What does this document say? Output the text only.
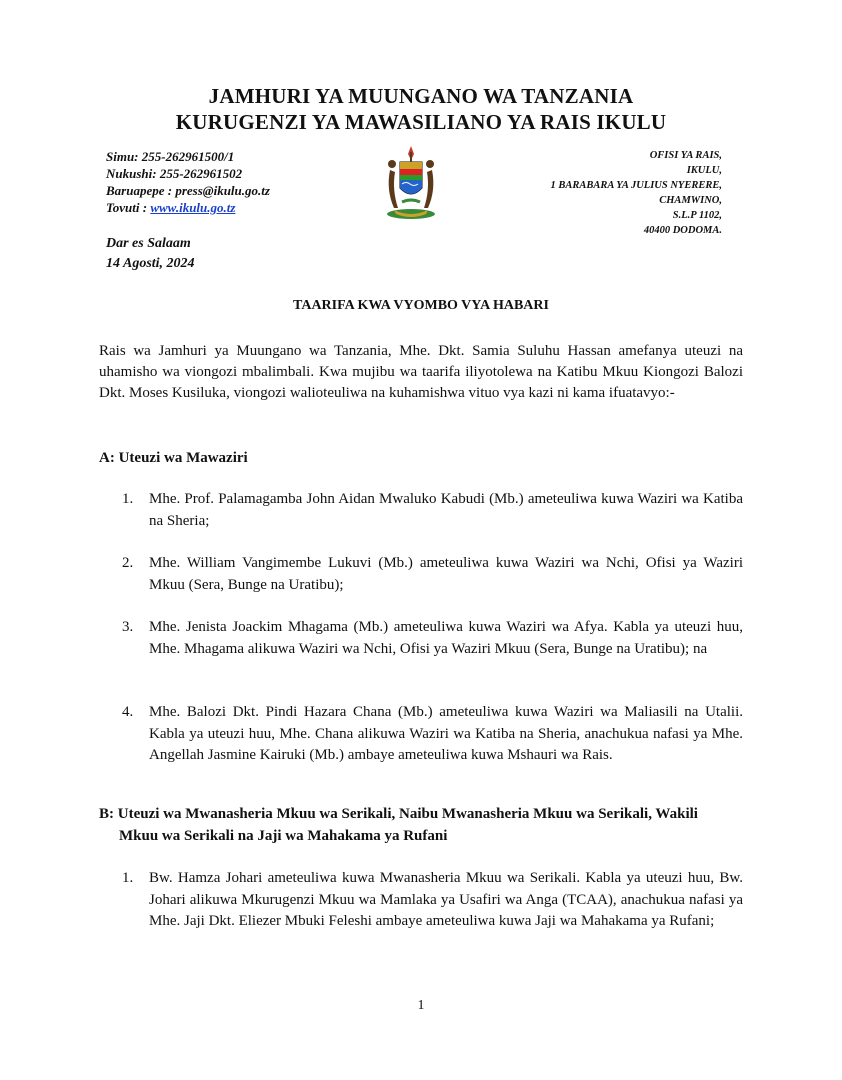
JAMHURI YA MUUNGANO WA TANZANIA
KURUGENZI YA MAWASILIANO YA RAIS IKULU
Simu: 255-262961500/1
Nukushi: 255-262961502
Baruapepe : press@ikulu.go.tz
Tovuti : www.ikulu.go.tz
OFISI YA RAIS,
IKULU,
1 BARABARA YA JULIUS NYERERE,
CHAMWINO,
S.L.P 1102,
40400 DODOMA.
Dar es Salaam
14 Agosti, 2024
TAARIFA KWA VYOMBO VYA HABARI
Rais wa Jamhuri ya Muungano wa Tanzania, Mhe. Dkt. Samia Suluhu Hassan amefanya uteuzi na uhamisho wa viongozi mbalimbali. Kwa mujibu wa taarifa iliyotolewa na Katibu Mkuu Kiongozi Balozi Dkt. Moses Kusiluka, viongozi walioteuliwa na kuhamishwa vituo vya kazi ni kama ifuatavyo:-
A: Uteuzi wa Mawaziri
1. Mhe. Prof. Palamagamba John Aidan Mwaluko Kabudi (Mb.) ameteuliwa kuwa Waziri wa Katiba na Sheria;
2. Mhe. William Vangimembe Lukuvi (Mb.) ameteuliwa kuwa Waziri wa Nchi, Ofisi ya Waziri Mkuu (Sera, Bunge na Uratibu);
3. Mhe. Jenista Joackim Mhagama (Mb.) ameteuliwa kuwa Waziri wa Afya. Kabla ya uteuzi huu, Mhe. Mhagama alikuwa Waziri wa Nchi, Ofisi ya Waziri Mkuu (Sera, Bunge na Uratibu); na
4. Mhe. Balozi Dkt. Pindi Hazara Chana (Mb.) ameteuliwa kuwa Waziri wa Maliasili na Utalii. Kabla ya uteuzi huu, Mhe. Chana alikuwa Waziri wa Katiba na Sheria, anachukua nafasi ya Mhe. Angellah Jasmine Kairuki (Mb.) ambaye ameteuliwa kuwa Mshauri wa Rais.
B: Uteuzi wa Mwanasheria Mkuu wa Serikali, Naibu Mwanasheria Mkuu wa Serikali, Wakili
Mkuu wa Serikali na Jaji wa Mahakama ya Rufani
1. Bw. Hamza Johari ameteuliwa kuwa Mwanasheria Mkuu wa Serikali. Kabla ya uteuzi huu, Bw. Johari alikuwa Mkurugenzi Mkuu wa Mamlaka ya Usafiri wa Anga (TCAA), anachukua nafasi ya Mhe. Jaji Dkt. Eliezer Mbuki Feleshi ambaye ameteuliwa kuwa Jaji wa Mahakama ya Rufani;
1
